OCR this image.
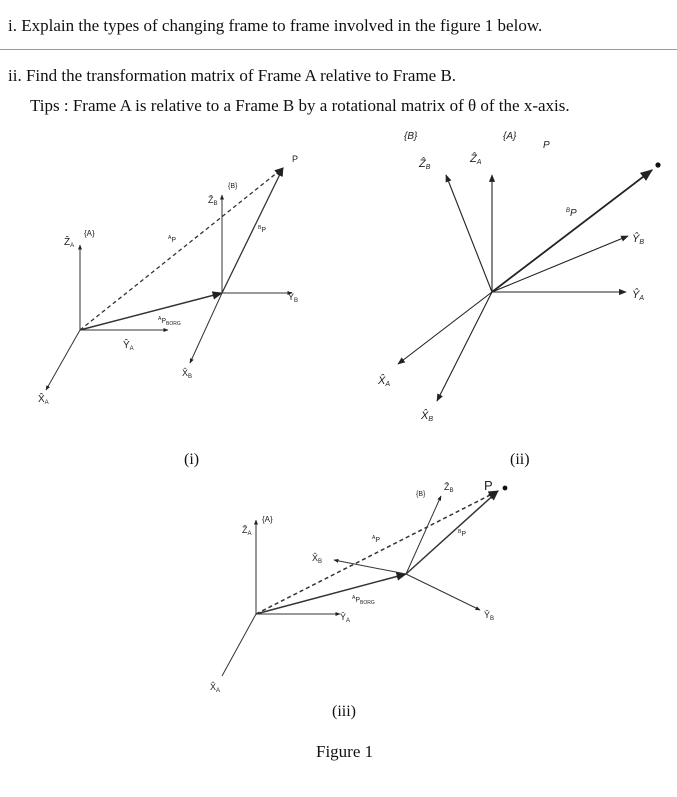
i. Explain the types of changing frame to frame involved in the figure 1 below.
ii. Find the transformation matrix of Frame A relative to Frame B.
Tips : Frame A is relative to a Frame B by a rotational matrix of θ of the x-axis.
{A}
Ẑ$_A$
$Ŷ_A$
$X̂_A$
$^A$P
$^AP_{BORG}$
{B}
Ẑ$_B$
$Ŷ_B$
$X̂_B$
$^B$P
P
(i)
{B}	{A}
P
ẐB
ẐA
$^B$P
ŶB
ŶA
X̂A
X̂B
(ii)
{A}
Ẑ$_A$
$X̂_A$
$Ŷ_A$
$X̂_B$
{B}
Ẑ$_B$
$Ŷ_B$
$^A$P
$^B$P
$^AP_{BORG}$
P
(iii)
Figure 1
